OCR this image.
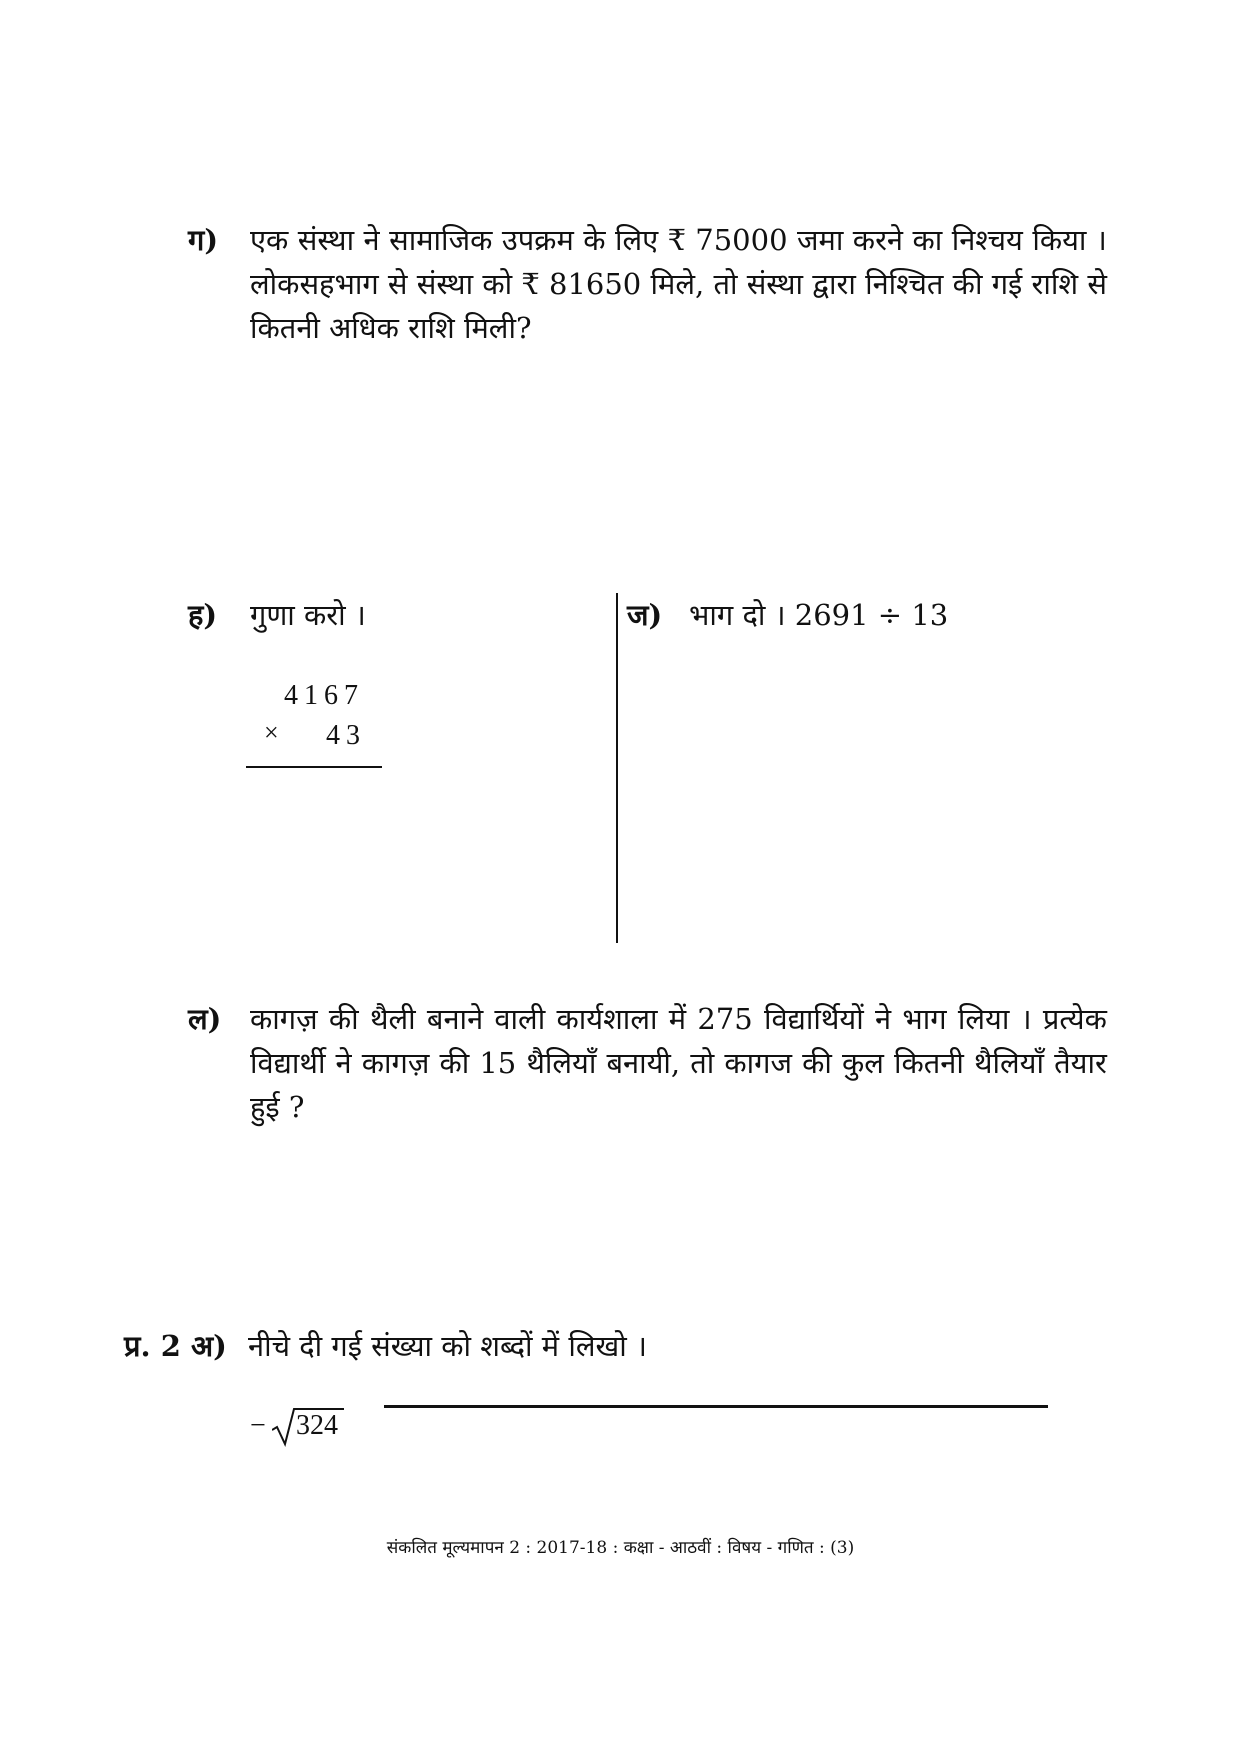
ग) एक संस्था ने सामाजिक उपक्रम के लिए ₹ 75000 जमा करने का निश्चय किया ।
लोकसहभाग से संस्था को ₹ 81650 मिले, तो संस्था द्वारा निश्चित की गई राशि से
कितनी अधिक राशि मिली?
ह) गुणा करो ।
4167
× 43
ज) भाग दो । 2691 ÷ 13
ल) कागज़ की थैली बनाने वाली कार्यशाला में 275 विद्यार्थियों ने भाग लिया । प्रत्येक
विद्यार्थी ने कागज़ की 15 थैलियाँ बनायी, तो कागज की कुल कितनी थैलियाँ तैयार
हुई ?
प्र. 2 अ) नीचे दी गई संख्या को शब्दों में लिखो ।
− 324
संकलित मूल्यमापन 2 : 2017-18 : कक्षा - आठवीं : विषय - गणित : (3)
